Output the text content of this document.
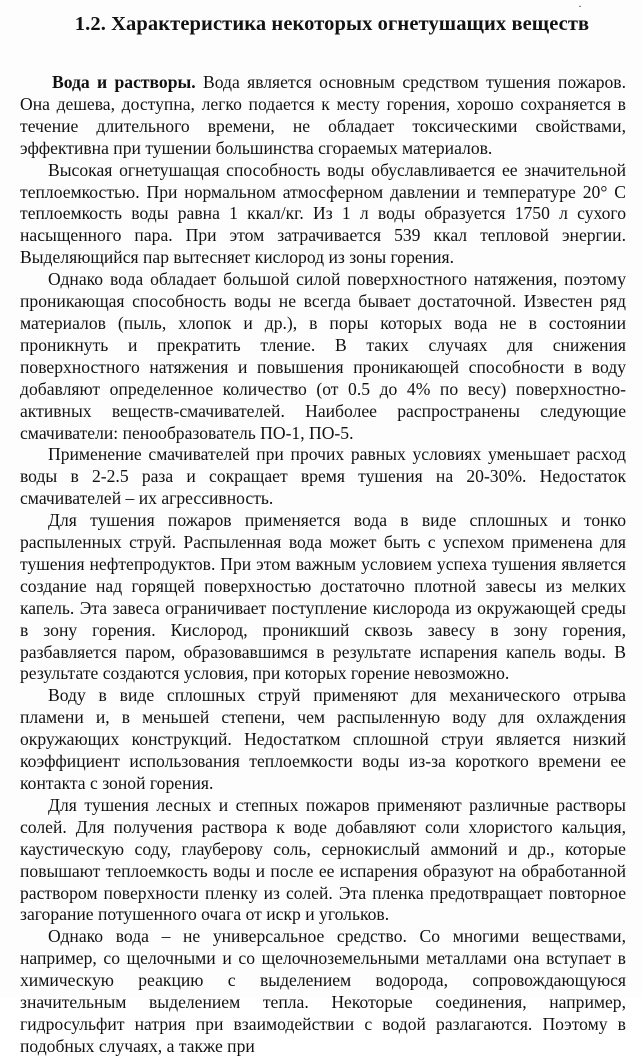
·
1.2. Характеристика некоторых огнетушащих веществ

Вода и растворы. Вода является основным средством тушения пожаров. Она дешева, доступна, легко подается к месту горения, хорошо сохраняется в течение длительного времени, не обладает токсическими свойствами, эффективна при тушении большинства сгораемых материалов.

Высокая огнетушащая способность воды обуславливается ее значительной теплоемкостью. При нормальном атмосферном давлении и температуре 20° С теплоемкость воды равна 1 ккал/кг. Из 1 л воды образуется 1750 л сухого насыщенного пара. При этом затрачивается 539 ккал тепловой энергии. Выделяющийся пар вытесняет кислород из зоны горения.

Однако вода обладает большой силой поверхностного натяжения, поэтому проникающая способность воды не всегда бывает достаточной. Известен ряд материалов (пыль, хлопок и др.), в поры которых вода не в состоянии проникнуть и прекратить тление. В таких случаях для снижения поверхностного натяжения и повышения проникающей способности в воду добавляют определенное количество (от 0.5 до 4% по весу) поверхностно-активных веществ-смачивателей. Наиболее распространены следующие смачиватели: пенообразователь ПО-1, ПО-5.

Применение смачивателей при прочих равных условиях уменьшает расход воды в 2-2.5 раза и сокращает время тушения на 20-30%. Недостаток смачивателей – их агрессивность.

Для тушения пожаров применяется вода в виде сплошных и тонко распыленных струй. Распыленная вода может быть с успехом применена для тушения нефтепродуктов. При этом важным условием успеха тушения является создание над горящей поверхностью достаточно плотной завесы из мелких капель. Эта завеса ограничивает поступление кислорода из окружающей среды в зону горения. Кислород, проникший сквозь завесу в зону горения, разбавляется паром, образовавшимся в результате испарения капель воды. В результате создаются условия, при которых горение невозможно.

Воду в виде сплошных струй применяют для механического отрыва пламени и, в меньшей степени, чем распыленную воду для охлаждения окружающих конструкций. Недостатком сплошной струи является низкий коэффициент использования теплоемкости воды из-за короткого времени ее контакта с зоной горения.

Для тушения лесных и степных пожаров применяют различные растворы солей. Для получения раствора к воде добавляют соли хлористого кальция, каустическую соду, глауберову соль, сернокислый аммоний и др., которые повышают теплоемкость воды и после ее испарения образуют на обработанной раствором поверхности пленку из солей. Эта пленка предотвращает повторное загорание потушенного очага от искр и угольков.

Однако вода – не универсальное средство. Со многими веществами, например, со щелочными и со щелочноземельными металлами она вступает в химическую реакцию с выделением водорода, сопровождающуюся значительным выделением тепла. Некоторые соединения, например, гидросульфит натрия при взаимодействии с водой разлагаются. Поэтому в подобных случаях, а также при
